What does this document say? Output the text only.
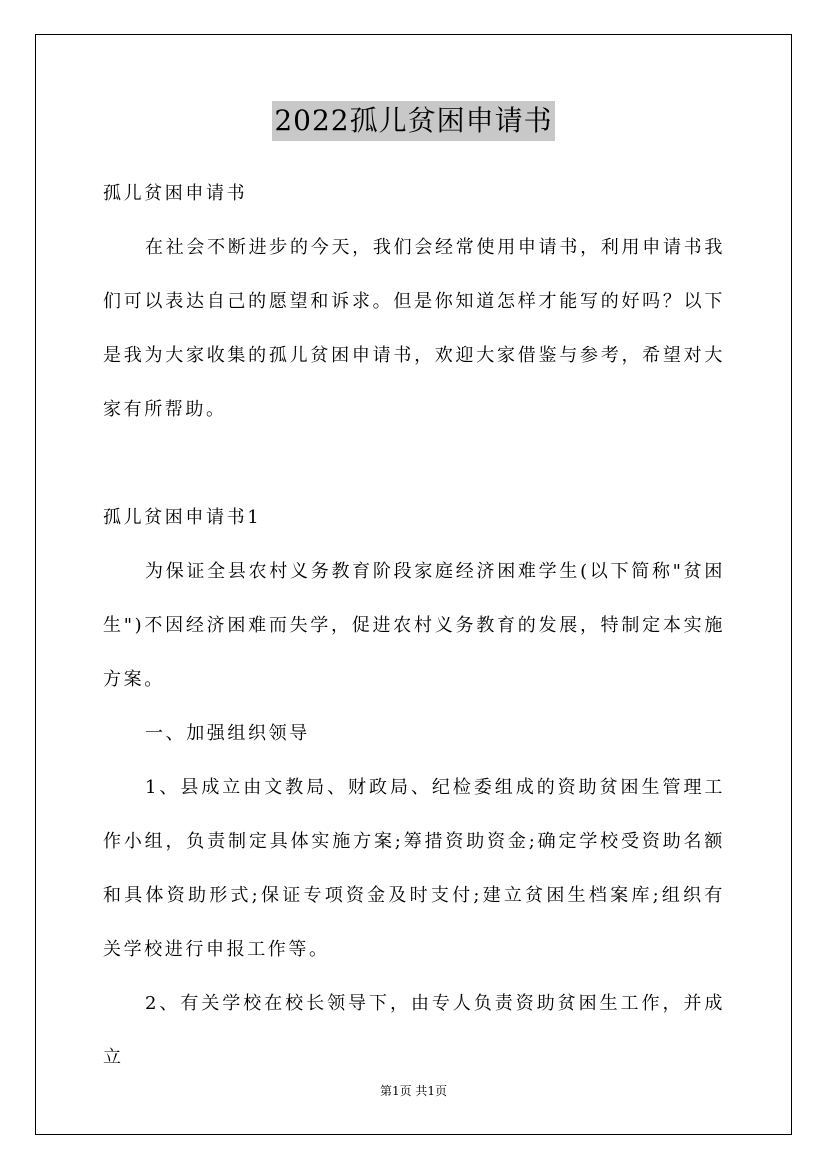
2022孤儿贫困申请书
孤儿贫困申请书
在社会不断进步的今天，我们会经常使用申请书，利用申请书我们可以表达自己的愿望和诉求。但是你知道怎样才能写的好吗？以下是我为大家收集的孤儿贫困申请书，欢迎大家借鉴与参考，希望对大家有所帮助。
孤儿贫困申请书1
为保证全县农村义务教育阶段家庭经济困难学生(以下简称"贫困生")不因经济困难而失学，促进农村义务教育的发展，特制定本实施方案。
一、加强组织领导
1、县成立由文教局、财政局、纪检委组成的资助贫困生管理工作小组，负责制定具体实施方案;筹措资助资金;确定学校受资助名额和具体资助形式;保证专项资金及时支付;建立贫困生档案库;组织有关学校进行申报工作等。
2、有关学校在校长领导下，由专人负责资助贫困生工作，并成立
第1页 共1页
